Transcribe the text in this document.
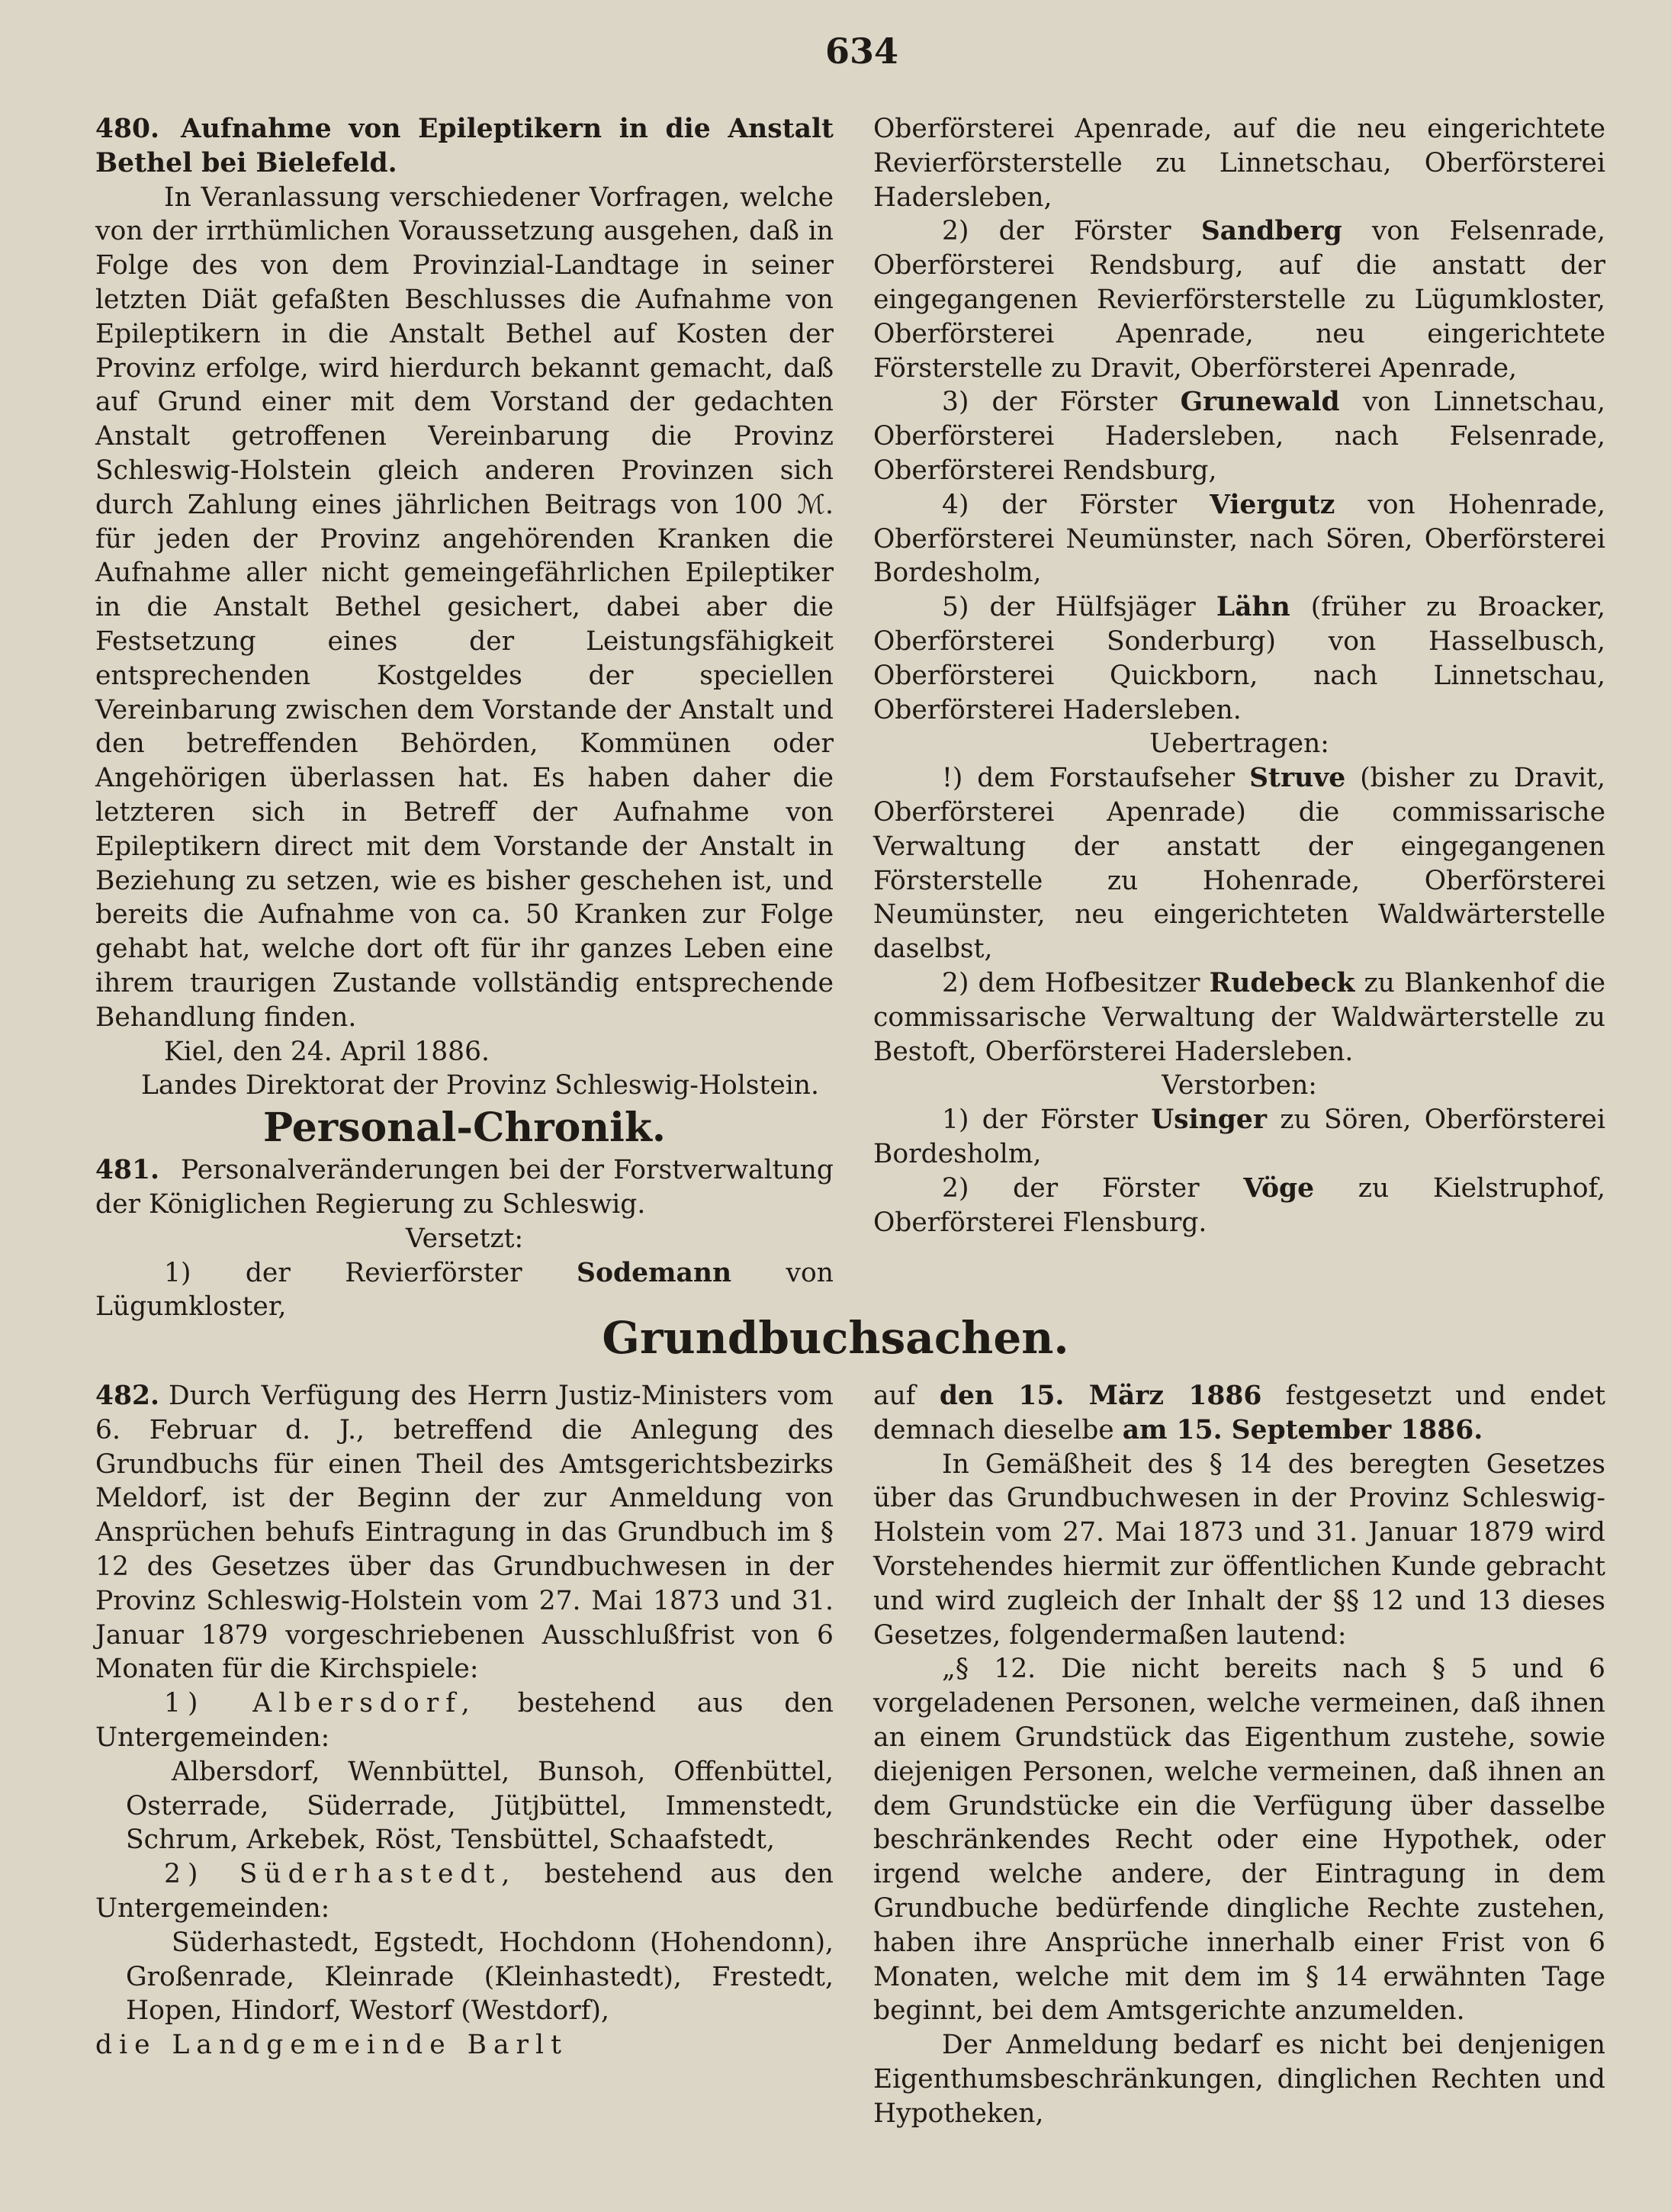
634

480. Aufnahme von Epileptikern in die Anstalt Bethel bei Bielefeld.

In Veranlassung verschiedener Vorfragen, welche von der irrthümlichen Voraussetzung ausgehen, daß in Folge des von dem Provinzial-Landtage in seiner letzten Diät gefaßten Beschlusses die Aufnahme von Epileptikern in die Anstalt Bethel auf Kosten der Provinz erfolge, wird hierdurch bekannt gemacht, daß auf Grund einer mit dem Vorstand der gedachten Anstalt getroffenen Vereinbarung die Provinz Schleswig-Holstein gleich anderen Provinzen sich durch Zahlung eines jährlichen Beitrags von 100 ℳ. für jeden der Provinz angehörenden Kranken die Aufnahme aller nicht gemeingefährlichen Epileptiker in die Anstalt Bethel gesichert, dabei aber die Festsetzung eines der Leistungsfähigkeit entsprechenden Kostgeldes der speciellen Vereinbarung zwischen dem Vorstande der Anstalt und den betreffenden Behörden, Kommünen oder Angehörigen überlassen hat. Es haben daher die letzteren sich in Betreff der Aufnahme von Epileptikern direct mit dem Vorstande der Anstalt in Beziehung zu setzen, wie es bisher geschehen ist, und bereits die Aufnahme von ca. 50 Kranken zur Folge gehabt hat, welche dort oft für ihr ganzes Leben eine ihrem traurigen Zustande vollständig entsprechende Behandlung finden.

Kiel, den 24. April 1886.

Landes Direktorat der Provinz Schleswig-Holstein.

Personal-Chronik.

481. Personalveränderungen bei der Forstverwaltung der Königlichen Regierung zu Schleswig.

Versetzt:

1) der Revierförster Sodemann von Lügumkloster,

Oberförsterei Apenrade, auf die neu eingerichtete Revierförsterstelle zu Linnetschau, Oberförsterei Hadersleben,

2) der Förster Sandberg von Felsenrade, Oberförsterei Rendsburg, auf die anstatt der eingegangenen Revierförsterstelle zu Lügumkloster, Oberförsterei Apenrade, neu eingerichtete Försterstelle zu Dravit, Oberförsterei Apenrade,

3) der Förster Grunewald von Linnetschau, Oberförsterei Hadersleben, nach Felsenrade, Oberförsterei Rendsburg,

4) der Förster Viergutz von Hohenrade, Oberförsterei Neumünster, nach Sören, Oberförsterei Bordesholm,

5) der Hülfsjäger Lähn (früher zu Broacker, Oberförsterei Sonderburg) von Hasselbusch, Oberförsterei Quickborn, nach Linnetschau, Oberförsterei Hadersleben.

Uebertragen:

!) dem Forstaufseher Struve (bisher zu Dravit, Oberförsterei Apenrade) die commissarische Verwaltung der anstatt der eingegangenen Försterstelle zu Hohenrade, Oberförsterei Neumünster, neu eingerichteten Waldwärterstelle daselbst,

2) dem Hofbesitzer Rudebeck zu Blankenhof die commissarische Verwaltung der Waldwärterstelle zu Bestoft, Oberförsterei Hadersleben.

Verstorben:

1) der Förster Usinger zu Sören, Oberförsterei Bordesholm,

2) der Förster Vöge zu Kielstruphof, Oberförsterei Flensburg.

Grundbuchsachen.

482. Durch Verfügung des Herrn Justiz-Ministers vom 6. Februar d. J., betreffend die Anlegung des Grundbuchs für einen Theil des Amtsgerichtsbezirks Meldorf, ist der Beginn der zur Anmeldung von Ansprüchen behufs Eintragung in das Grundbuch im § 12 des Gesetzes über das Grundbuchwesen in der Provinz Schleswig-Holstein vom 27. Mai 1873 und 31. Januar 1879 vorgeschriebenen Ausschlußfrist von 6 Monaten für die Kirchspiele:

1) Albersdorf, bestehend aus den Untergemeinden:

Albersdorf, Wennbüttel, Bunsoh, Offenbüttel, Osterrade, Süderrade, Jütjbüttel, Immenstedt, Schrum, Arkebek, Röst, Tensbüttel, Schaafstedt,

2) Süderhastedt, bestehend aus den Untergemeinden:

Süderhastedt, Egstedt, Hochdonn (Hohendonn), Großenrade, Kleinrade (Kleinhastedt), Frestedt, Hopen, Hindorf, Westorf (Westdorf),

die Landgemeinde Barlt

auf den 15. März 1886 festgesetzt und endet demnach dieselbe am 15. September 1886.

In Gemäßheit des § 14 des beregten Gesetzes über das Grundbuchwesen in der Provinz Schleswig-Holstein vom 27. Mai 1873 und 31. Januar 1879 wird Vorstehendes hiermit zur öffentlichen Kunde gebracht und wird zugleich der Inhalt der §§ 12 und 13 dieses Gesetzes, folgendermaßen lautend:

„§ 12. Die nicht bereits nach § 5 und 6 vorgeladenen Personen, welche vermeinen, daß ihnen an einem Grundstück das Eigenthum zustehe, sowie diejenigen Personen, welche vermeinen, daß ihnen an dem Grundstücke ein die Verfügung über dasselbe beschränkendes Recht oder eine Hypothek, oder irgend welche andere, der Eintragung in dem Grundbuche bedürfende dingliche Rechte zustehen, haben ihre Ansprüche innerhalb einer Frist von 6 Monaten, welche mit dem im § 14 erwähnten Tage beginnt, bei dem Amtsgerichte anzumelden.

Der Anmeldung bedarf es nicht bei denjenigen Eigenthumsbeschränkungen, dinglichen Rechten und Hypotheken,
